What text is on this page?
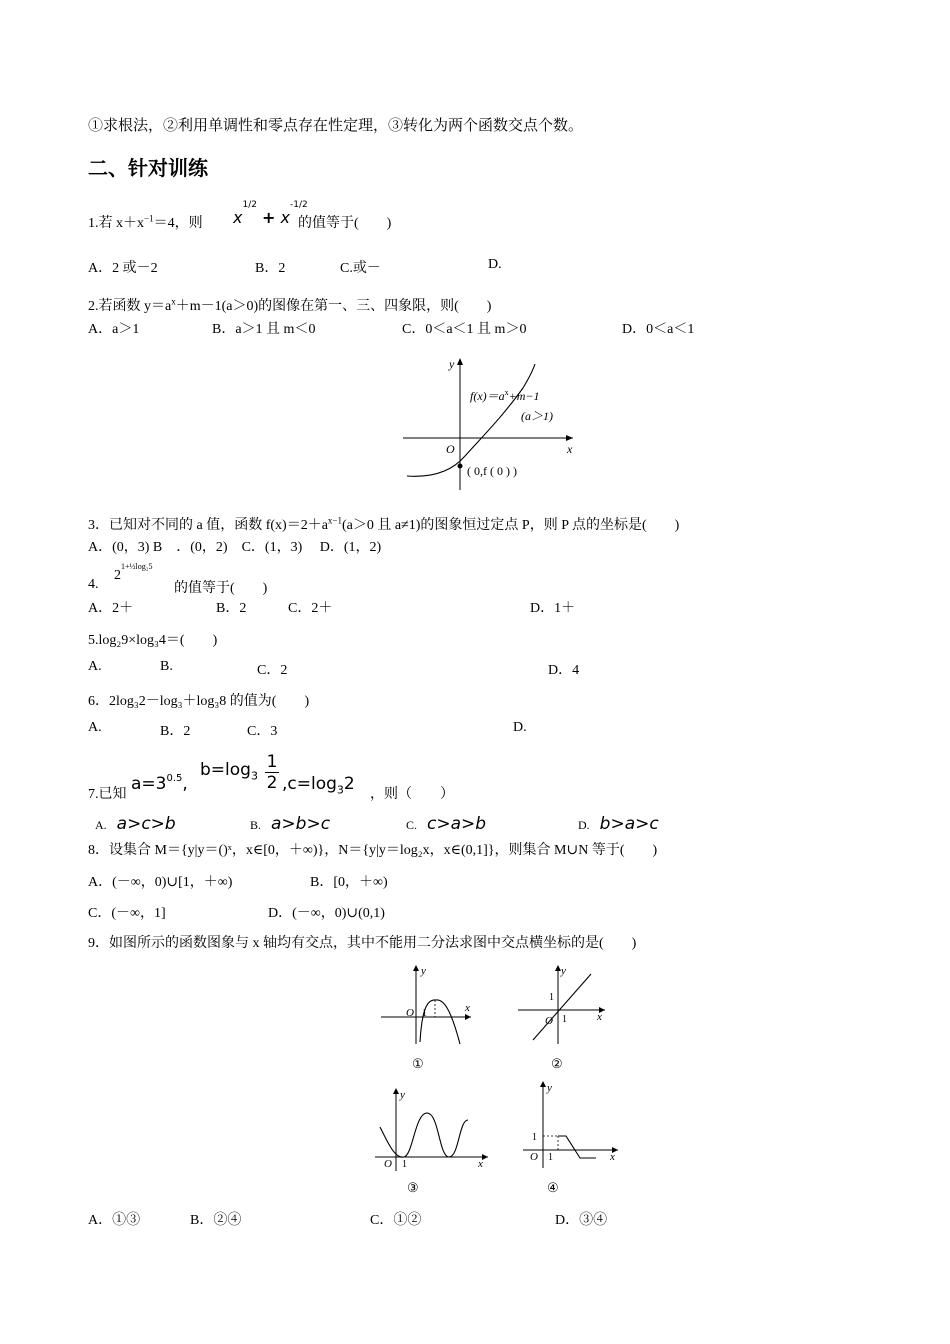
①求根法，②利用单调性和零点存在性定理，③转化为两个函数交点个数。
二、针对训练
1.若 $x+x^{-1}=4$，则 $x^{1/2} + x^{-1/2}$
的值等于(　　)
A．2 或－2	B．2	C.或－	D.
2.若函数 $y=a^x+m-1(a>0)$的图像在第一、三、四象限，则(　　)
A．a＞1	B．a＞1 且 m＜0	C．0＜a＜1 且 m＞0	D．0＜a＜1
x
y
O
$f(x)=a^x+m-1$
(a＞1)
( 0,f ( 0 ) )
3．已知对不同的 a 值，函数 $f(x)=2+a^{x-1}(a>0$ 且 a≠1)的图象恒过定点 P，则 P 点的坐标是(　　)
A．(0，3) B　．(0，2)　C．(1，3)　 D．(1，2)
4.
$2^{1+\frac{1}{2}log_25}$
的值等于(　　)
A．2＋	B．2	C．2＋	D．1＋
5.log₂9×log₃4＝(　　)
A.	B.	C．2	D．4
6．2log₃2－log₃＋log₃8 的值为(　　)
A.	B．2	C．3	D.
7.已知
$a=3^{0.5}$,
$b=\log_3$
1
2 $,c=\log_32$
，则（　　）
A. a>c>b	B. a>b>c	C. c>a>b	D. b>a>c
8．设集合 M＝{y|y＝()ˣ，x∈[0，＋∞)}，N＝{y|y＝log₂x，x∈(0,1]}，则集合 M∪N 等于(　　)
A．(－∞，0)∪[1，＋∞)	B．[0，＋∞)
C．(－∞，1]	D．(－∞，0)∪(0,1)
9．如图所示的函数图象与 x 轴均有交点，其中不能用二分法求图中交点横坐标的是(　　)
x
y
O 1
①
x
y
O 1
1
②
x
y
O 1
③
x
y
O 1
1
④
A．①③	B．②④	C．①②	D．③④
